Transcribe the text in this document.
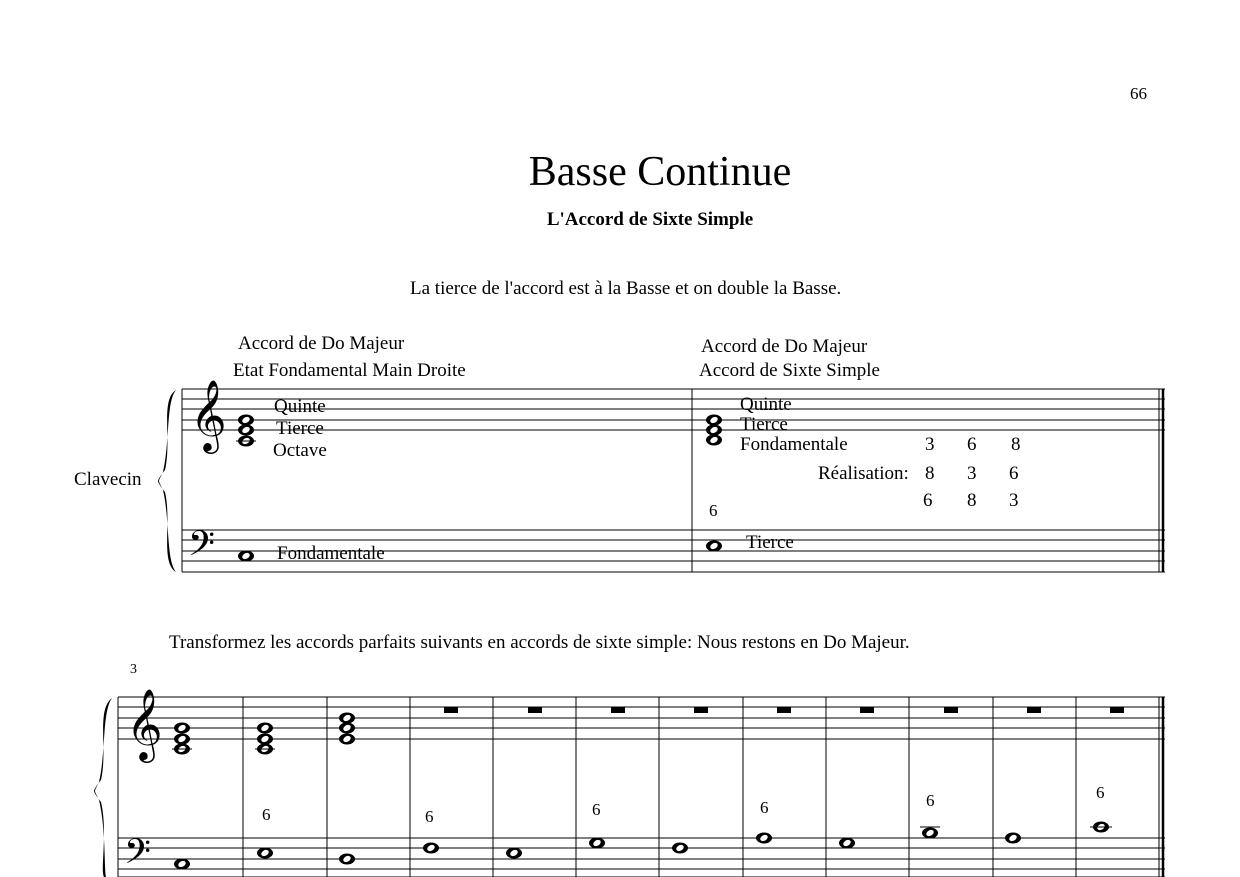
66
Basse Continue
L'Accord de Sixte Simple
La tierce de l'accord est à la Basse et on double la Basse.
Accord de Do Majeur
Etat Fondamental Main Droite
Accord de Do Majeur
Accord de Sixte Simple
Clavecin
Quinte
Tierce
Octave
Fondamentale
Quinte
Tierce
Fondamentale
6
Tierce
Réalisation:
3 6 8
8 3 6
6 8 3
Transformez les accords parfaits suivants en accords de sixte simple: Nous restons en Do Majeur.
3
6	6	6	6	6	6
𝄞
𝄢
𝄞
𝄢
